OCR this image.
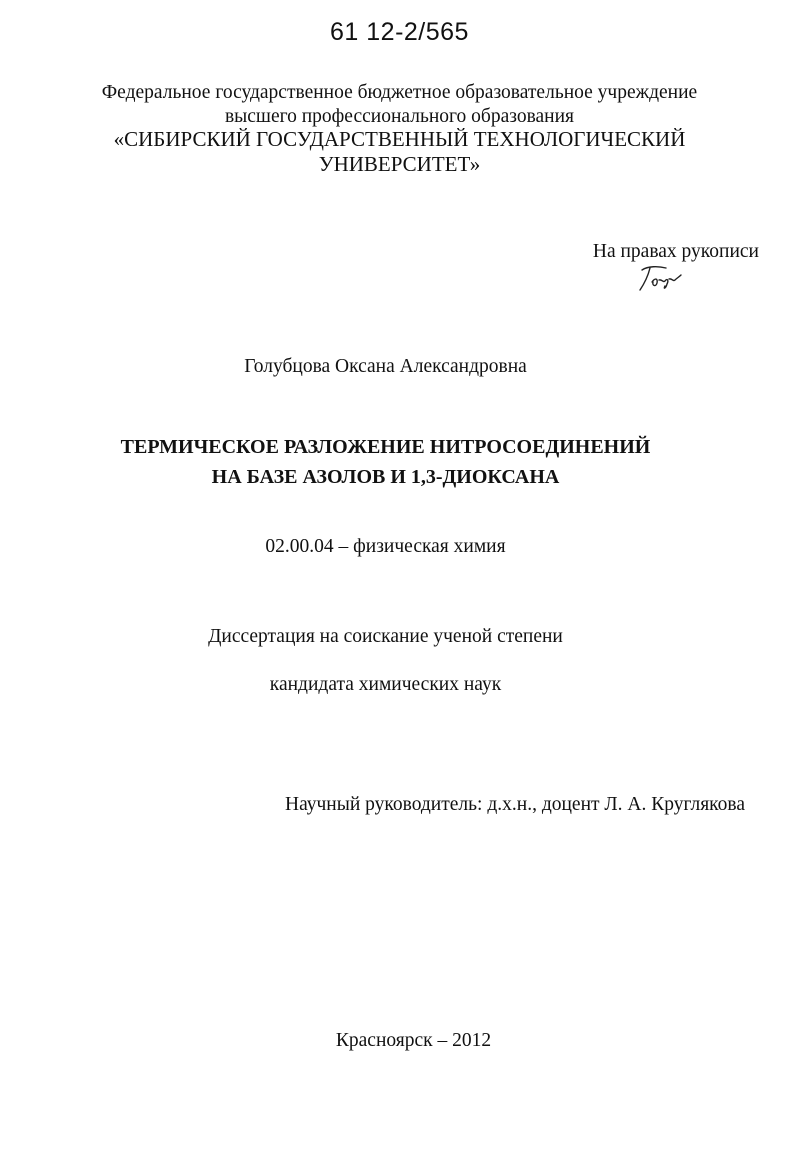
61 12-2/565
Федеральное государственное бюджетное образовательное учреждение
высшего профессионального образования
«СИБИРСКИЙ ГОСУДАРСТВЕННЫЙ ТЕХНОЛОГИЧЕСКИЙ
УНИВЕРСИТЕТ»
На правах рукописи
Голубцова Оксана Александровна
ТЕРМИЧЕСКОЕ РАЗЛОЖЕНИЕ НИТРОСОЕДИНЕНИЙ
НА БАЗЕ АЗОЛОВ И 1,3-ДИОКСАНА
02.00.04 – физическая химия
Диссертация на соискание ученой степени
кандидата химических наук
Научный руководитель: д.х.н., доцент Л. А. Круглякова
Красноярск – 2012
